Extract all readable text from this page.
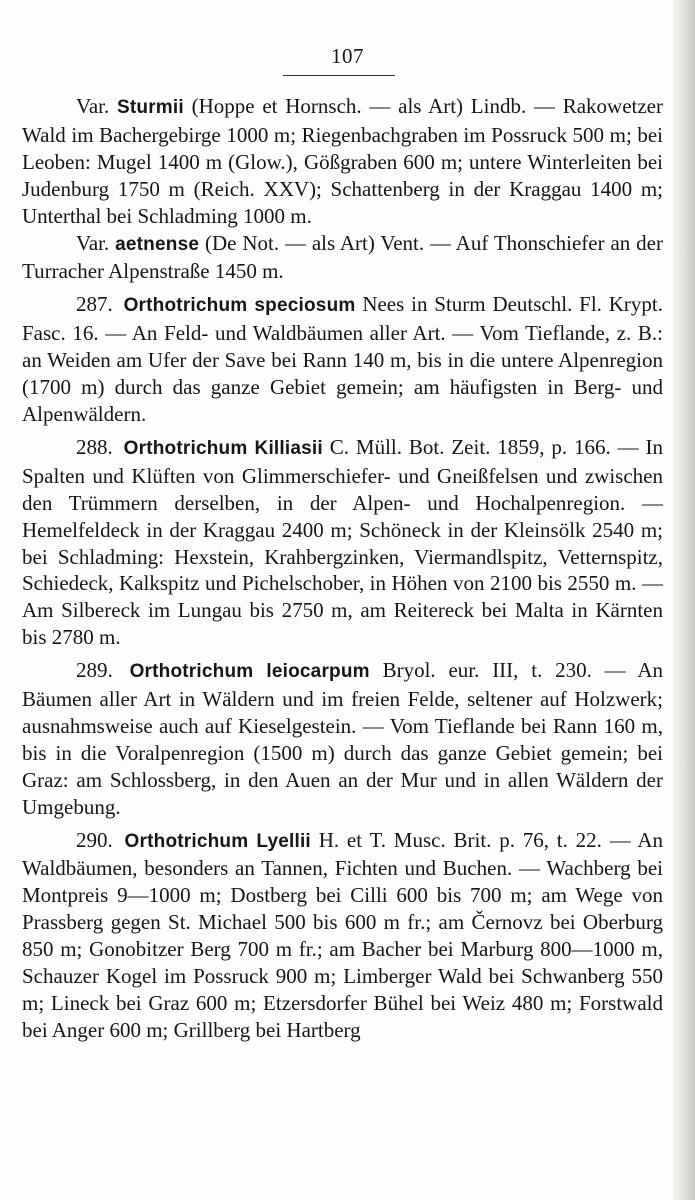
107

Var. Sturmii (Hoppe et Hornsch. — als Art) Lindb. — Rakowetzer Wald im Bachergebirge 1000 m; Riegenbachgraben im Possruck 500 m; bei Leoben: Mugel 1400 m (Glow.), Gößgraben 600 m; untere Winterleiten bei Judenburg 1750 m (Reich. XXV); Schattenberg in der Kraggau 1400 m; Unterthal bei Schladming 1000 m.

Var. aetnense (De Not. — als Art) Vent. — Auf Thonschiefer an der Turracher Alpenstraße 1450 m.

287. Orthotrichum speciosum Nees in Sturm Deutschl. Fl. Krypt. Fasc. 16. — An Feld- und Waldbäumen aller Art. — Vom Tieflande, z. B.: an Weiden am Ufer der Save bei Rann 140 m, bis in die untere Alpenregion (1700 m) durch das ganze Gebiet gemein; am häufigsten in Berg- und Alpenwäldern.

288. Orthotrichum Killiasii C. Müll. Bot. Zeit. 1859, p. 166. — In Spalten und Klüften von Glimmerschiefer- und Gneißfelsen und zwischen den Trümmern derselben, in der Alpen- und Hochalpenregion. — Hemelfeldeck in der Kraggau 2400 m; Schöneck in der Kleinsölk 2540 m; bei Schladming: Hexstein, Krahbergzinken, Viermandlspitz, Vetternspitz, Schiedeck, Kalkspitz und Pichelschober, in Höhen von 2100 bis 2550 m. — Am Silbereck im Lungau bis 2750 m, am Reitereck bei Malta in Kärnten bis 2780 m.

289. Orthotrichum leiocarpum Bryol. eur. III, t. 230. — An Bäumen aller Art in Wäldern und im freien Felde, seltener auf Holzwerk; ausnahmsweise auch auf Kieselgestein. — Vom Tieflande bei Rann 160 m, bis in die Voralpenregion (1500 m) durch das ganze Gebiet gemein; bei Graz: am Schlossberg, in den Auen an der Mur und in allen Wäldern der Umgebung.

290. Orthotrichum Lyellii H. et T. Musc. Brit. p. 76, t. 22. — An Waldbäumen, besonders an Tannen, Fichten und Buchen. — Wachberg bei Montpreis 9—1000 m; Dostberg bei Cilli 600 bis 700 m; am Wege von Prassberg gegen St. Michael 500 bis 600 m fr.; am Černovz bei Oberburg 850 m; Gonobitzer Berg 700 m fr.; am Bacher bei Marburg 800—1000 m, Schauzer Kogel im Possruck 900 m; Limberger Wald bei Schwanberg 550 m; Lineck bei Graz 600 m; Etzersdorfer Bühel bei Weiz 480 m; Forstwald bei Anger 600 m; Grillberg bei Hartberg
